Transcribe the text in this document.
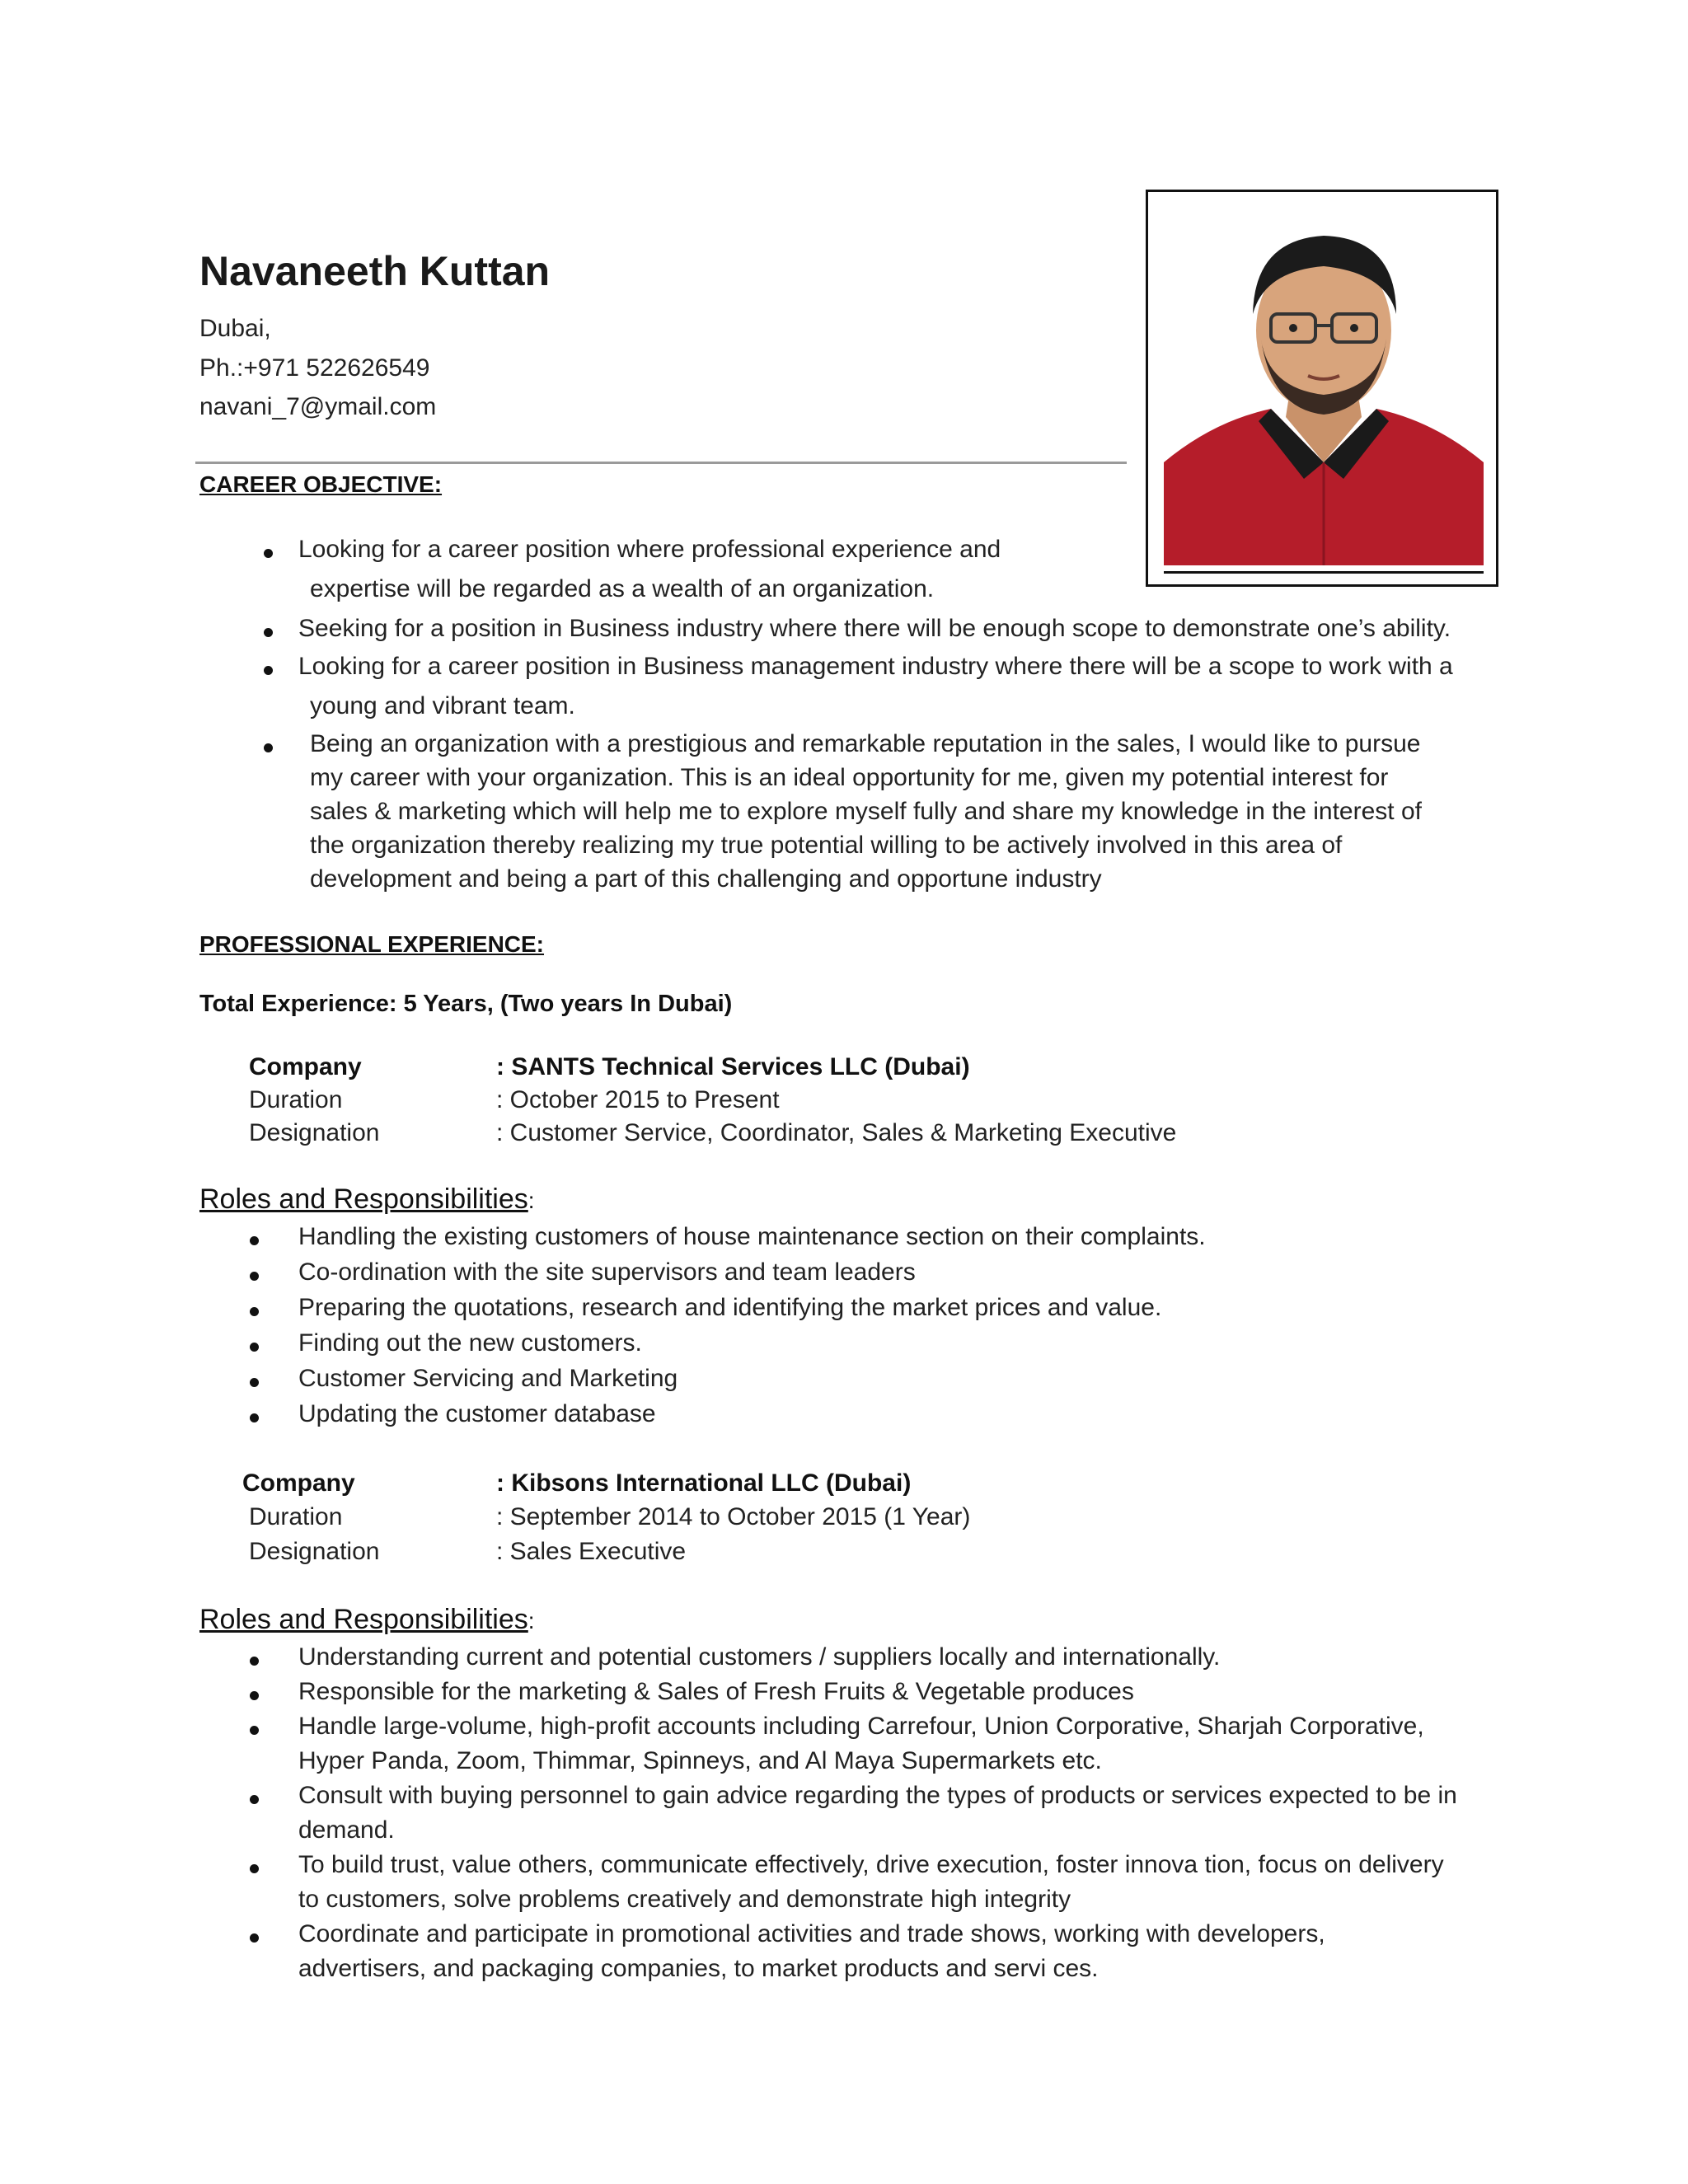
Navaneeth Kuttan
Dubai,
Ph.:+971 522626549
navani_7@ymail.com
CAREER OBJECTIVE:
Looking for a career position where professional experience and
expertise will be regarded as a wealth of an organization.
Seeking for a position in Business industry where there will be enough scope to demonstrate one’s ability.
Looking for a career position in Business management industry where there will be a scope to work with a
young and vibrant team.
Being an organization with a prestigious and remarkable reputation in the sales, I would like to pursue
my career with your organization. This is an ideal opportunity for me, given my potential interest for
sales & marketing which will help me to explore myself fully and share my knowledge in the interest of
the organization thereby realizing my true potential willing to be actively involved in this area of
development and being a part of this challenging and opportune industry
PROFESSIONAL EXPERIENCE:
Total Experience: 5 Years, (Two years In Dubai)
Company	: SANTS Technical Services LLC (Dubai)
Duration	: October 2015 to Present
Designation	: Customer Service, Coordinator, Sales & Marketing Executive
Roles and Responsibilities:
Handling the existing customers of house maintenance section on their complaints.
Co-ordination with the site supervisors and team leaders
Preparing the quotations, research and identifying the market prices and value.
Finding out the new customers.
Customer Servicing and Marketing
Updating the customer database
Company	: Kibsons International LLC (Dubai)
Duration	: September 2014 to October 2015 (1 Year)
Designation	: Sales Executive
Roles and Responsibilities:
Understanding current and potential customers / suppliers locally and internationally.
Responsible for the marketing & Sales of Fresh Fruits & Vegetable produces
Handle large-volume, high-profit accounts including Carrefour, Union Corporative, Sharjah Corporative,
Hyper Panda, Zoom, Thimmar, Spinneys, and Al Maya Supermarkets etc.
Consult with buying personnel to gain advice regarding the types of products or services expected to be in
demand.
To build trust, value others, communicate effectively, drive execution, foster innova tion, focus on delivery
to customers, solve problems creatively and demonstrate high integrity
Coordinate and participate in promotional activities and trade shows, working with developers,
advertisers, and packaging companies, to market products and servi ces.
